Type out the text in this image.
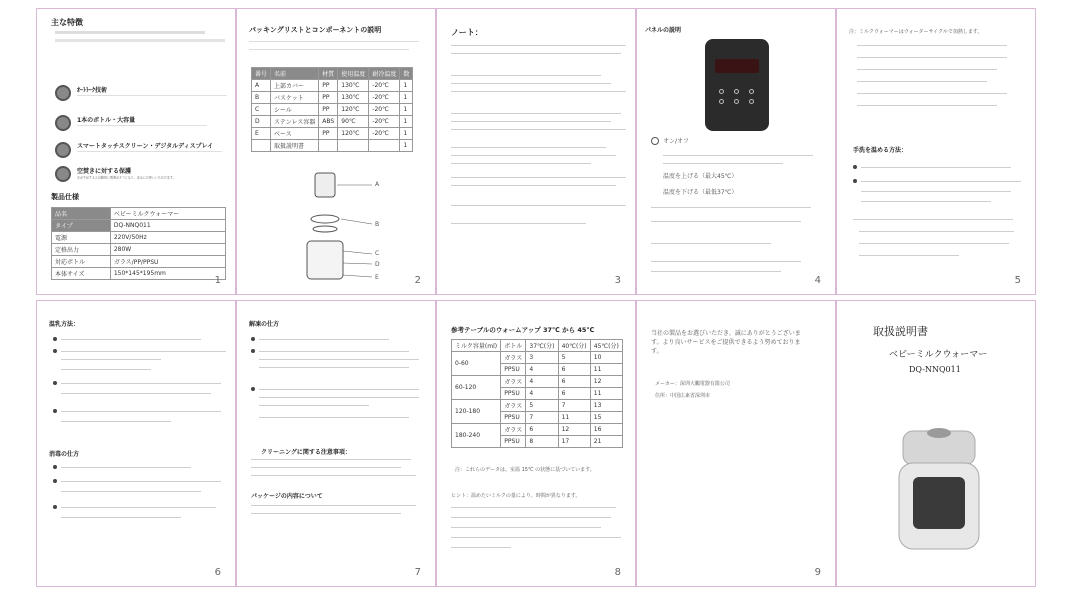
主な特徴
ｵｰﾄﾄｰｸ技術
1本のボトル・大容量
スマートタッチスクリーン・デジタルディスプレイ
空焚きに対する保護
水が不足すると自動的に電源がオフになり、安全にお使いいただけます。
製品仕様
品名	ベビーミルクウォーマー
タイプ	DQ-NNQ011
電源	220V/50Hz
定格出力	280W
対応ボトル	ガラス/PP/PPSU
本体サイズ	150*145*195mm
1
パッキングリストとコンポーネントの説明
番号	名前	材質	使用温度	耐冷温度	数
A	上部カバー	PP	130℃	-20℃	1
B	バスケット	PP	130℃	-20℃	1
C	シール	PP	120℃	-20℃	1
D	ステンレス容器	ABS	90℃	-20℃	1
E	ベース	PP	120℃	-20℃	1
	取扱説明書				1
A
B
C
D
E	2
ノート：
3
パネルの説明
オン/オフ
温度を上げる（最大45℃）
温度を下げる（最低37℃）
4
注：ミルクウォーマーはウォーターサイクルで加熱します。
手洗を温める方法：
5
温乳方法：
消毒の仕方
6
解凍の仕方
クリーニングに関する注意事項：
パッケージの内容について
7
参考テーブルのウォームアップ 37℃ から 45℃
ミルク容量(ml)	ボトル	37℃(分)	40℃(分)	45℃(分)
0-60	ガラス	3	5	10
	PPSU	4	6	11
60-120	ガラス	4	6	12
	PPSU	4	6	11
120-180	ガラス	5	7	13
	PPSU	7	11	15
180-240	ガラス	6	12	16
	PPSU	8	17	21
注：これらのデータは、室温 15℃ の状態に基づいています。
ヒント：温めたいミルクの量により、時間が異なります。
8
当社の製品をお選びいただき、誠にありがとうございます。より良いサービスをご提供できるよう努めております。
メーカー：深圳大鵬電器有限公司
住所：中国広東省深圳市
9
取扱説明書
ベビーミルクウォーマー
DQ-NNQ011
